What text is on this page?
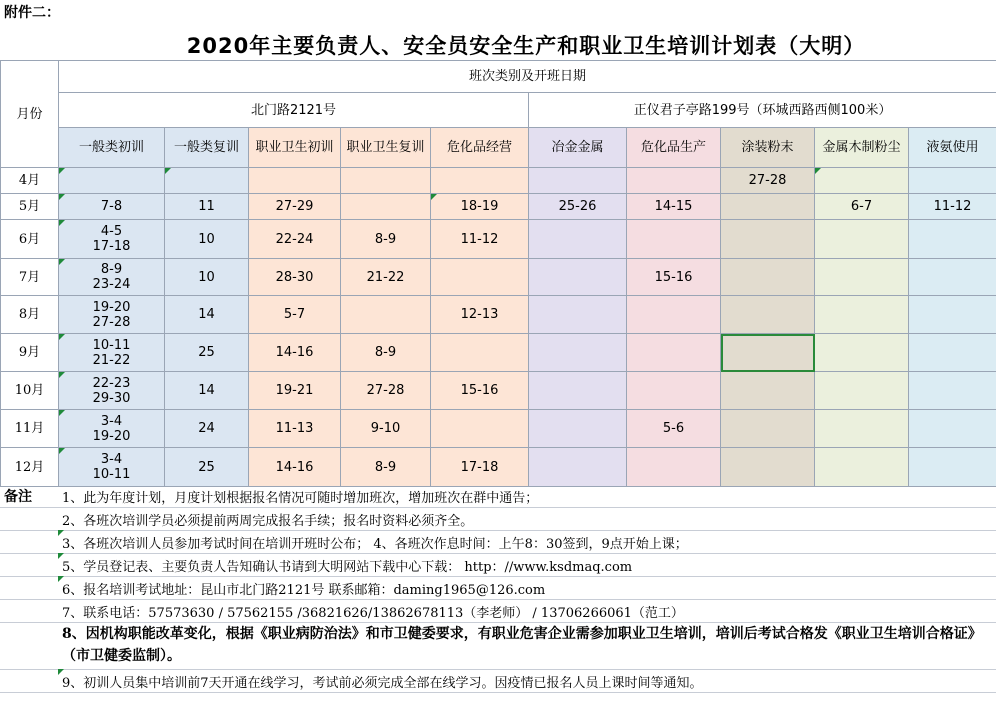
附件二：
2020年主要负责人、安全员安全生产和职业卫生培训计划表（大明）
月份	班次类别及开班日期									
	北门路2121号					正仪君子亭路199号（环城西路西侧100米）				
	一般类初训	一般类复训	职业卫生初训	职业卫生复训	危化品经营	冶金金属	危化品生产	涂装粉末	金属木制粉尘	液氨使用
4月								27-28		
5月	7-8	11	27-29		18-19	25-26	14-15		6-7	11-12
6月	4-5
17-18	10	22-24	8-9	11-12					
7月	8-9
23-24	10	28-30	21-22			15-16			
8月	19-20
27-28	14	5-7		12-13					
9月	10-11
21-22	25	14-16	8-9						
10月	22-23
29-30	14	19-21	27-28	15-16					
11月	3-4
19-20	24	11-13	9-10			5-6			
12月	3-4
10-11	25	14-16	8-9	17-18					
备注 1、此为年度计划，月度计划根据报名情况可随时增加班次，增加班次在群中通告；
2、各班次培训学员必须提前两周完成报名手续；报名时资料必须齐全。
3、各班次培训人员参加考试时间在培训开班时公布； 4、各班次作息时间：上午8：30签到，9点开始上课；
5、学员登记表、主要负责人告知确认书请到大明网站下载中心下载： http：//www.ksdmaq.com
6、报名培训考试地址：昆山市北门路2121号 联系邮箱：daming1965@126.com
7、联系电话：57573630 / 57562155 /36821626/13862678113（李老师） / 13706266061（范工）
8、因机构职能改革变化，根据《职业病防治法》和市卫健委要求，有职业危害企业需参加职业卫生培训，培训后考试合格发《职业卫生培训合格证》（市卫健委监制）。
9、初训人员集中培训前7天开通在线学习，考试前必须完成全部在线学习。因疫情已报名人员上课时间等通知。
